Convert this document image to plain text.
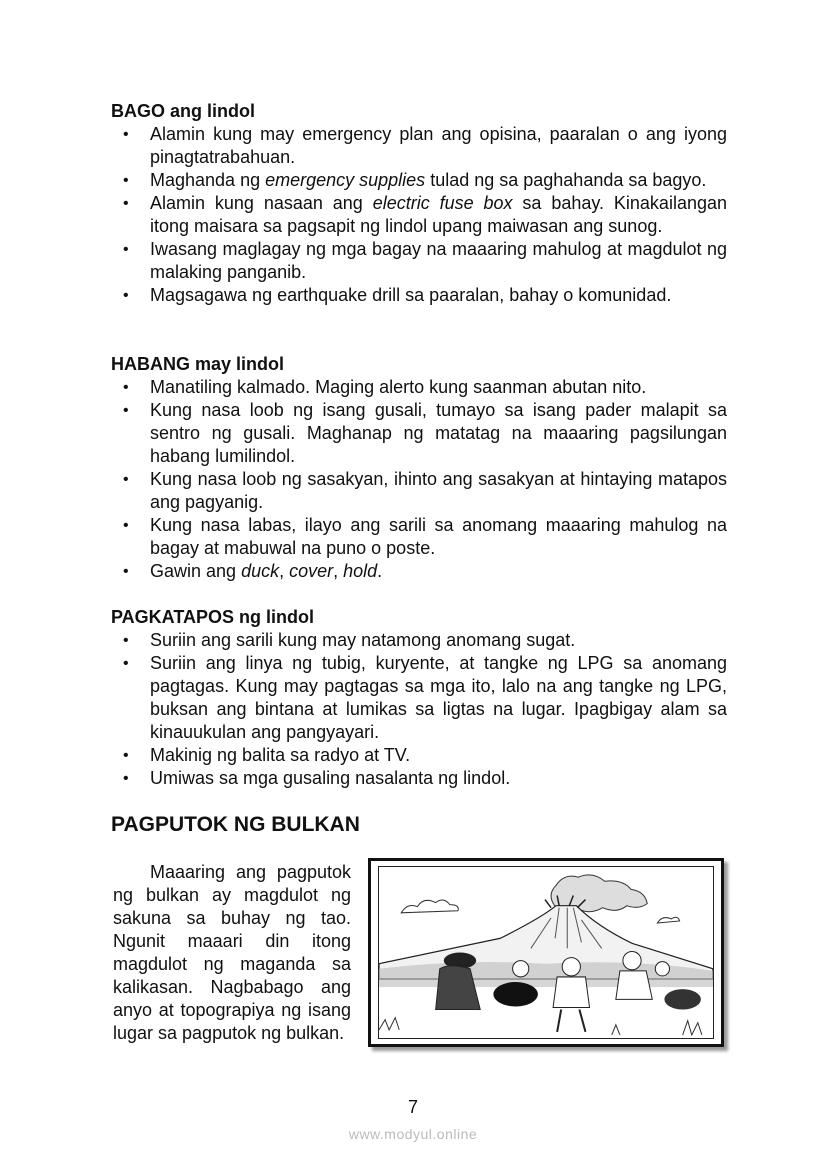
BAGO ang lindol

• Alamin kung may emergency plan ang opisina, paaralan o ang iyong pinagtatrabahuan.
• Maghanda ng emergency supplies tulad ng sa paghahanda sa bagyo.
• Alamin kung nasaan ang electric fuse box sa bahay. Kinakailangan itong maisara sa pagsapit ng lindol upang maiwasan ang sunog.
• Iwasang maglagay ng mga bagay na maaaring mahulog at magdulot ng malaking panganib.
• Magsagawa ng earthquake drill sa paaralan, bahay o komunidad.

HABANG may lindol

• Manatiling kalmado. Maging alerto kung saanman abutan nito.
• Kung nasa loob ng isang gusali, tumayo sa isang pader malapit sa sentro ng gusali. Maghanap ng matatag na maaaring pagsilungan habang lumilindol.
• Kung nasa loob ng sasakyan, ihinto ang sasakyan at hintaying matapos ang pagyanig.
• Kung nasa labas, ilayo ang sarili sa anomang maaaring mahulog na bagay at mabuwal na puno o poste.
• Gawin ang duck, cover, hold.

PAGKATAPOS ng lindol

• Suriin ang sarili kung may natamong anomang sugat.
• Suriin ang linya ng tubig, kuryente, at tangke ng LPG sa anomang pagtagas. Kung may pagtagas sa mga ito, lalo na ang tangke ng LPG, buksan ang bintana at lumikas sa ligtas na lugar. Ipagbigay alam sa kinauukulan ang pangyayari.
• Makinig ng balita sa radyo at TV.
• Umiwas sa mga gusaling nasalanta ng lindol.

PAGPUTOK NG BULKAN

Maaaring ang pagputok ng bulkan ay magdulot ng sakuna sa buhay ng tao. Ngunit maaari din itong magdulot ng maganda sa kalikasan. Nagbabago ang anyo at topograpiya ng isang lugar sa pagputok ng bulkan.
7
www.modyul.online
